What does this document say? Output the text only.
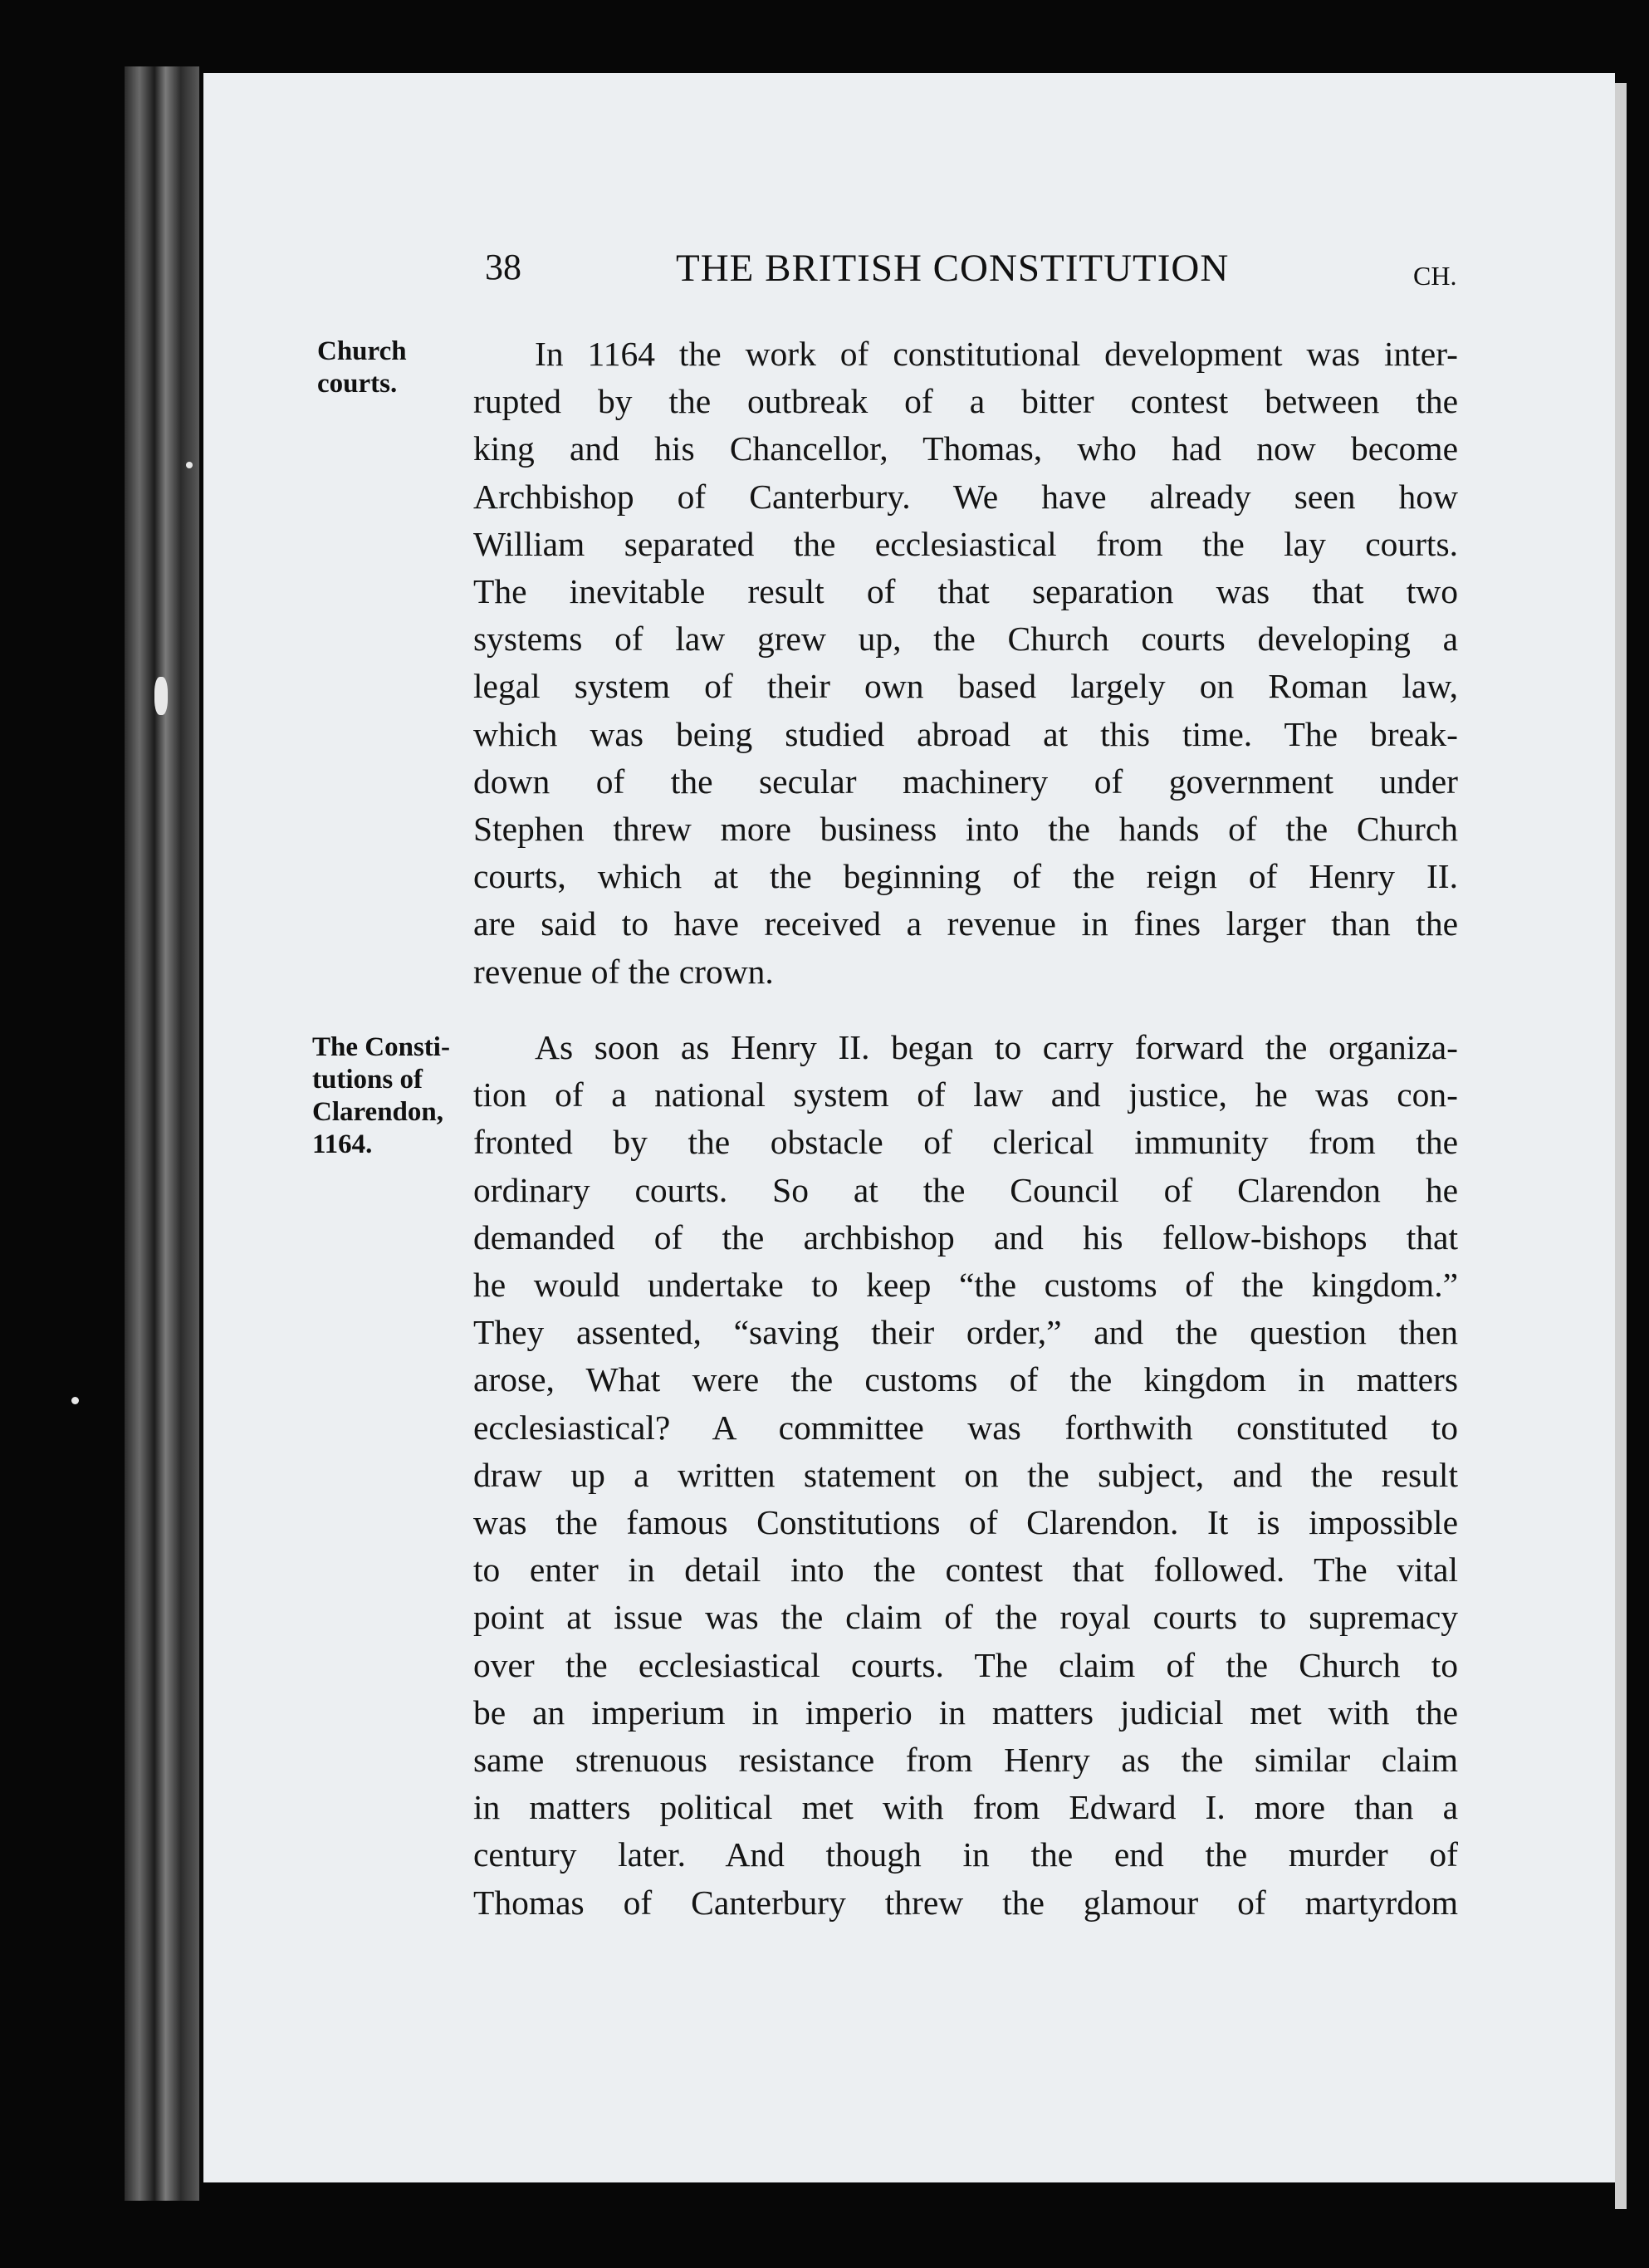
38	THE BRITISH CONSTITUTION	CH.
Church
courts.
The Consti-
tutions of
Clarendon,
1164.
In 1164 the work of constitutional development was inter-
rupted by the outbreak of a bitter contest between the
king and his Chancellor, Thomas, who had now become
Archbishop of Canterbury. We have already seen how
William separated the ecclesiastical from the lay courts.
The inevitable result of that separation was that two
systems of law grew up, the Church courts developing a
legal system of their own based largely on Roman law,
which was being studied abroad at this time. The break-
down of the secular machinery of government under
Stephen threw more business into the hands of the Church
courts, which at the beginning of the reign of Henry II.
are said to have received a revenue in fines larger than the
revenue of the crown.
As soon as Henry II. began to carry forward the organiza-
tion of a national system of law and justice, he was con-
fronted by the obstacle of clerical immunity from the
ordinary courts. So at the Council of Clarendon he
demanded of the archbishop and his fellow-bishops that
he would undertake to keep “the customs of the kingdom.”
They assented, “saving their order,” and the question then
arose, What were the customs of the kingdom in matters
ecclesiastical? A committee was forthwith constituted to
draw up a written statement on the subject, and the result
was the famous Constitutions of Clarendon. It is impossible
to enter in detail into the contest that followed. The vital
point at issue was the claim of the royal courts to supremacy
over the ecclesiastical courts. The claim of the Church to
be an imperium in imperio in matters judicial met with the
same strenuous resistance from Henry as the similar claim
in matters political met with from Edward I. more than a
century later. And though in the end the murder of
Thomas of Canterbury threw the glamour of martyrdom
